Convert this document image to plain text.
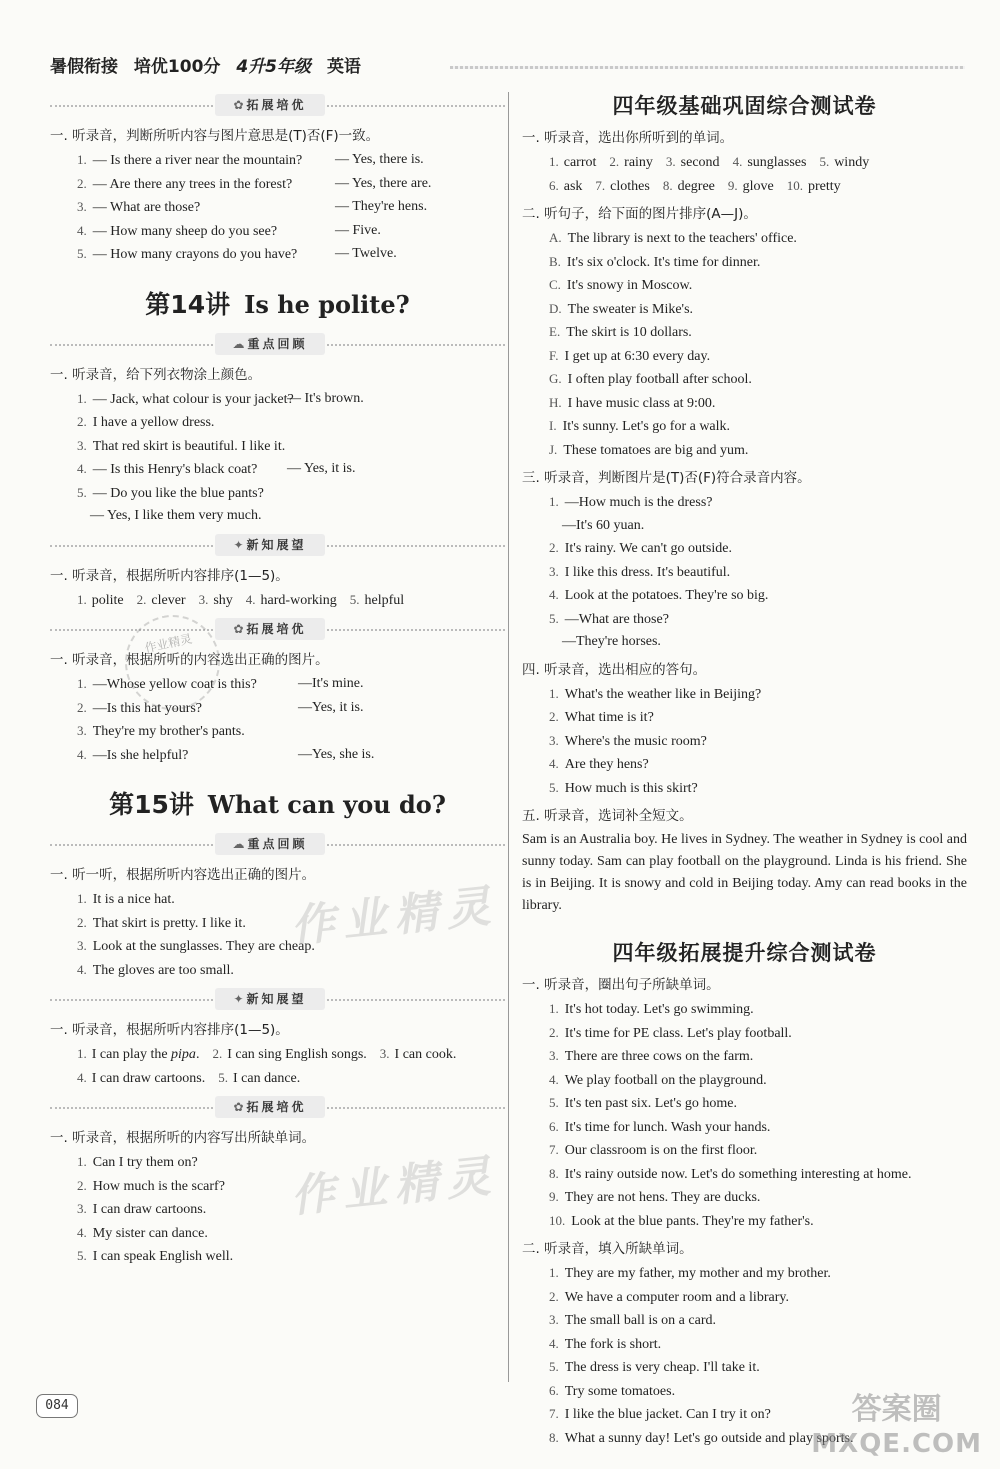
暑假衔接 培优100分 4升5年级 英语
✿ 拓展培优
一. 听录音，判断所听内容与图片意思是(T)否(F)一致。
1. — Is there a river near the mountain? — Yes, there is.
2. — Are there any trees in the forest?	— Yes, there are.
3. — What are those?	— They're hens.
4. — How many sheep do you see?	— Five.
5. — How many crayons do you have?	— Twelve.
第14讲 Is he polite?
☁ 重点回顾
一. 听录音，给下列衣物涂上颜色。
1. — Jack, what colour is your jacket?
— It's brown.
2. I have a yellow dress.
3. That red skirt is beautiful. I like it.
4. — Is this Henry's black coat? — Yes, it is.
5. — Do you like the blue pants?
— Yes, I like them very much.
✦ 新知展望
一. 听录音，根据所听内容排序(1—5)。
1. polite 2. clever 3. shy 4. hard-working 5. helpful
✿ 拓展培优
一. 听录音，根据所听的内容选出正确的图片。
1. —Whose yellow coat is this?	—It's mine.
2. —Is this hat yours?	—Yes, it is.
3. They're my brother's pants.
4. —Is she helpful?	—Yes, she is.
第15讲 What can you do?
☁ 重点回顾
一. 听一听，根据所听内容选出正确的图片。
1. It is a nice hat.
2. That skirt is pretty. I like it.
3. Look at the sunglasses. They are cheap.
4. The gloves are too small.
✦ 新知展望
一. 听录音，根据所听内容排序(1—5)。
1. I can play the pipa. 2. I can sing English songs. 3. I can cook.
4. I can draw cartoons. 5. I can dance.
✿ 拓展培优
一. 听录音，根据所听的内容写出所缺单词。
1. Can I try them on?
2. How much is the scarf?
3. I can draw cartoons.
4. My sister can dance.
5. I can speak English well.
四年级基础巩固综合测试卷
一. 听录音，选出你所听到的单词。
1. carrot 2. rainy 3. second 4. sunglasses 5. windy
6. ask 7. clothes 8. degree 9. glove 10. pretty
二. 听句子，给下面的图片排序(A—J)。
A. The library is next to the teachers' office.
B. It's six o'clock. It's time for dinner.
C. It's snowy in Moscow.
D. The sweater is Mike's.
E. The skirt is 10 dollars.
F. I get up at 6:30 every day.
G. I often play football after school.
H. I have music class at 9:00.
I. It's sunny. Let's go for a walk.
J. These tomatoes are big and yum.
三. 听录音，判断图片是(T)否(F)符合录音内容。
1. —How much is the dress?
—It's 60 yuan.
2. It's rainy. We can't go outside.
3. I like this dress. It's beautiful.
4. Look at the potatoes. They're so big.
5. —What are those?
—They're horses.
四. 听录音，选出相应的答句。
1. What's the weather like in Beijing?
2. What time is it?
3. Where's the music room?
4. Are they hens?
5. How much is this skirt?
五. 听录音，选词补全短文。
Sam is an Australia boy. He lives in Sydney. The weather in Sydney is cool and sunny today. Sam can play football on the playground. Linda is his friend. She is in Beijing. It is snowy and cold in Beijing today. Amy can read books in the library.
四年级拓展提升综合测试卷
一. 听录音，圈出句子所缺单词。
1. It's hot today. Let's go swimming.
2. It's time for PE class. Let's play football.
3. There are three cows on the farm.
4. We play football on the playground.
5. It's ten past six. Let's go home.
6. It's time for lunch. Wash your hands.
7. Our classroom is on the first floor.
8. It's rainy outside now. Let's do something interesting at home.
9. They are not hens. They are ducks.
10. Look at the blue pants. They're my father's.
二. 听录音，填入所缺单词。
1. They are my father, my mother and my brother.
2. We have a computer room and a library.
3. The small ball is on a card.
4. The fork is short.
5. The dress is very cheap. I'll take it.
6. Try some tomatoes.
7. I like the blue jacket. Can I try it on?
8. What a sunny day! Let's go outside and play sports.
084
作业精灵
作业精灵
作业精灵
答案圈
MXQE.COM
